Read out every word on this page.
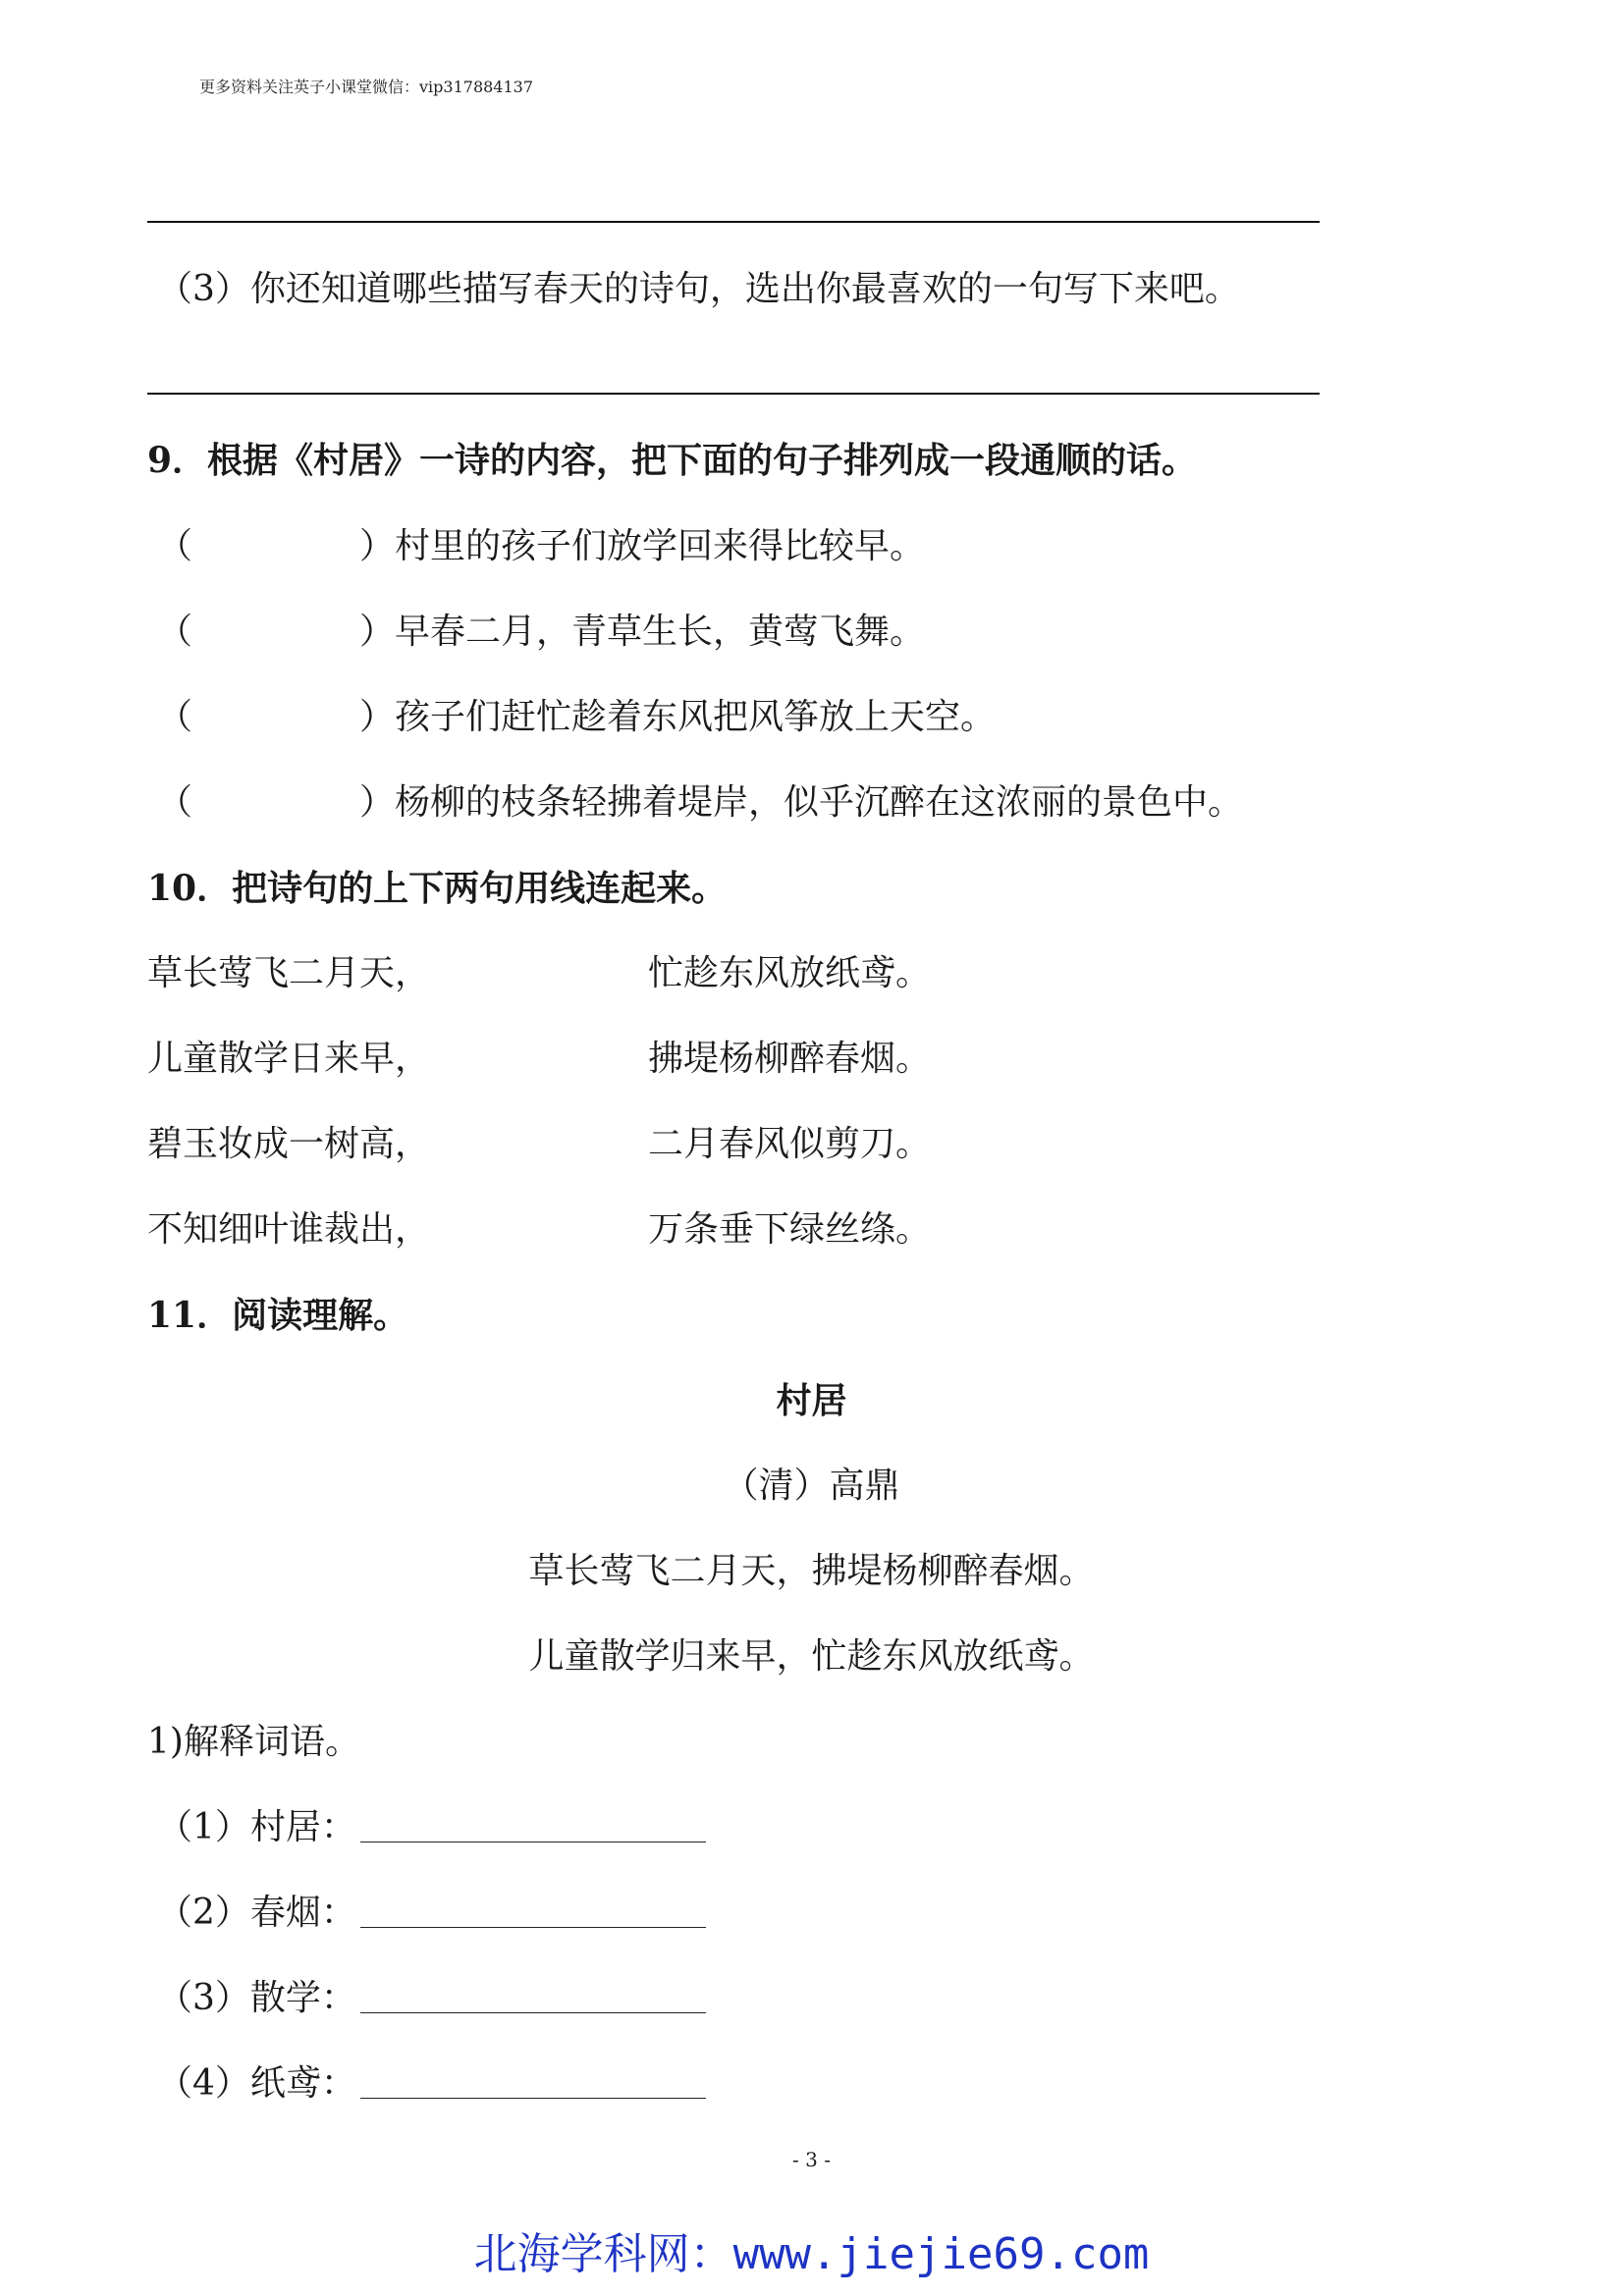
更多资料关注英子小课堂微信：vip317884137
（3）你还知道哪些描写春天的诗句，选出你最喜欢的一句写下来吧。
9．根据《村居》一诗的内容，把下面的句子排列成一段通顺的话。
（	）村里的孩子们放学回来得比较早。
（	）早春二月，青草生长，黄莺飞舞。
（	）孩子们赶忙趁着东风把风筝放上天空。
（	）杨柳的枝条轻拂着堤岸，似乎沉醉在这浓丽的景色中。
10．把诗句的上下两句用线连起来。
草长莺飞二月天，	忙趁东风放纸鸢。
儿童散学日来早，	拂堤杨柳醉春烟。
碧玉妆成一树高，	二月春风似剪刀。
不知细叶谁裁出，	万条垂下绿丝绦。
11．阅读理解。
村居
（清）高鼎
草长莺飞二月天，拂堤杨柳醉春烟。
儿童散学归来早，忙趁东风放纸鸢。
1)解释词语。
（1）村居：
（2）春烟：
（3）散学：
（4）纸鸢：
- 3 -
北海学科网：www.jiejie69.com
